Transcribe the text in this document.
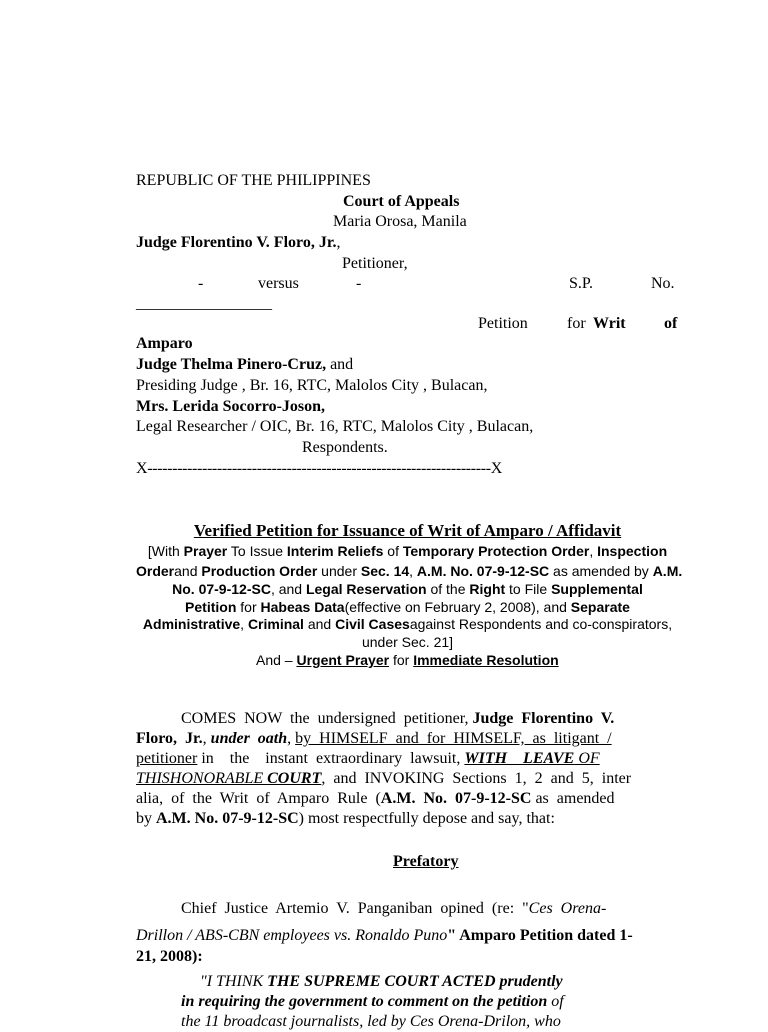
REPUBLIC OF THE PHILIPPINES
Court of Appeals
Maria Orosa, Manila
Judge Florentino V. Floro, Jr.,
Petitioner,
-	versus	-	S.P.	No.
_________________
Petition for Writ of
Amparo
Judge Thelma Pinero-Cruz, and
Presiding Judge , Br. 16, RTC, Malolos City , Bulacan,
Mrs. Lerida Socorro-Joson,
Legal Researcher / OIC, Br. 16, RTC, Malolos City , Bulacan,
Respondents.
X---------------------------------------------------------------------X
Verified Petition for Issuance of Writ of Amparo / Affidavit
[With Prayer To Issue Interim Reliefs of Temporary Protection Order, Inspection
Orderand Production Order under Sec. 14, A.M. No. 07-9-12-SC as amended by A.M.
No. 07-9-12-SC, and Legal Reservation of the Right to File Supplemental
Petition for Habeas Data(effective on February 2, 2008), and Separate
Administrative, Criminal and Civil Casesagainst Respondents and co-conspirators,
under Sec. 21]
And – Urgent Prayer for Immediate Resolution
COMES  NOW  the  undersigned  petitioner, Judge  Florentino  V.
Floro,  Jr., under  oath, by  HIMSELF  and  for  HIMSELF,  as  litigant  /
petitioner in    the    instant  extraordinary  lawsuit, WITH    LEAVE OF
THISHONORABLE COURT,  and  INVOKING  Sections  1,  2  and  5,  inter
alia,  of  the  Writ  of  Amparo  Rule  (A.M.  No.  07-9-12-SC as  amended
by A.M. No. 07-9-12-SC) most respectfully depose and say, that:
Prefatory
Chief  Justice  Artemio  V.  Panganiban  opined  (re:  "Ces  Orena-
Drillon / ABS-CBN employees vs. Ronaldo Puno" Amparo Petition dated 1-
21, 2008):
"I THINK THE SUPREME COURT ACTED prudently
in requiring the government to comment on the petition of
the 11 broadcast journalists, led by Ces Orena-Drilon, who
